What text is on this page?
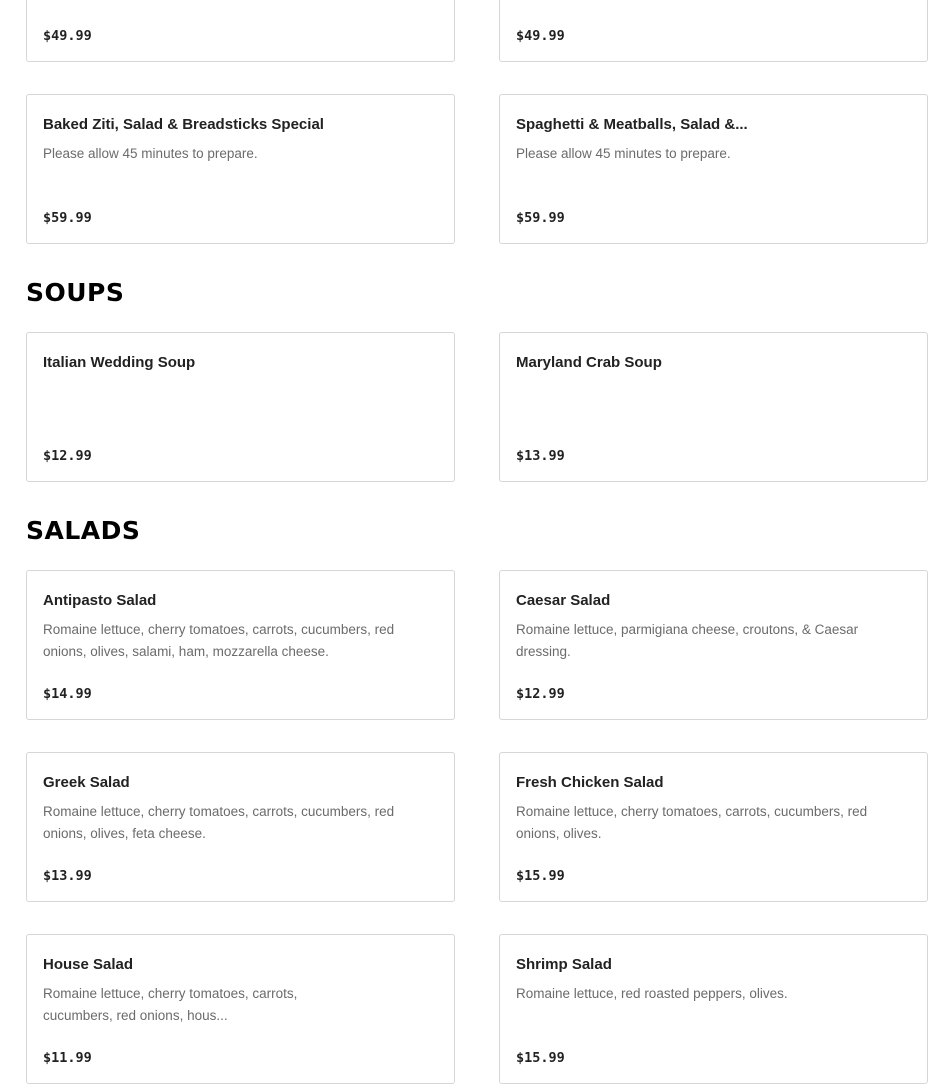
$49.99	$49.99
Baked Ziti, Salad & Breadsticks Special
Please allow 45 minutes to prepare.
$59.99
Spaghetti & Meatballs, Salad &...
Please allow 45 minutes to prepare.
$59.99
SOUPS
Italian Wedding Soup
$12.99
Maryland Crab Soup
$13.99
SALADS
Antipasto Salad
Romaine lettuce, cherry tomatoes, carrots, cucumbers, red onions, olives, salami, ham, mozzarella cheese.
$14.99
Caesar Salad
Romaine lettuce, parmigiana cheese, croutons, & Caesar dressing.
$12.99
Greek Salad
Romaine lettuce, cherry tomatoes, carrots, cucumbers, red onions, olives, feta cheese.
$13.99
Fresh Chicken Salad
Romaine lettuce, cherry tomatoes, carrots, cucumbers, red onions, olives.
$15.99
House Salad
Romaine lettuce, cherry tomatoes, carrots, cucumbers, red onions, hous...
$11.99
Shrimp Salad
Romaine lettuce, red roasted peppers, olives.
$15.99
